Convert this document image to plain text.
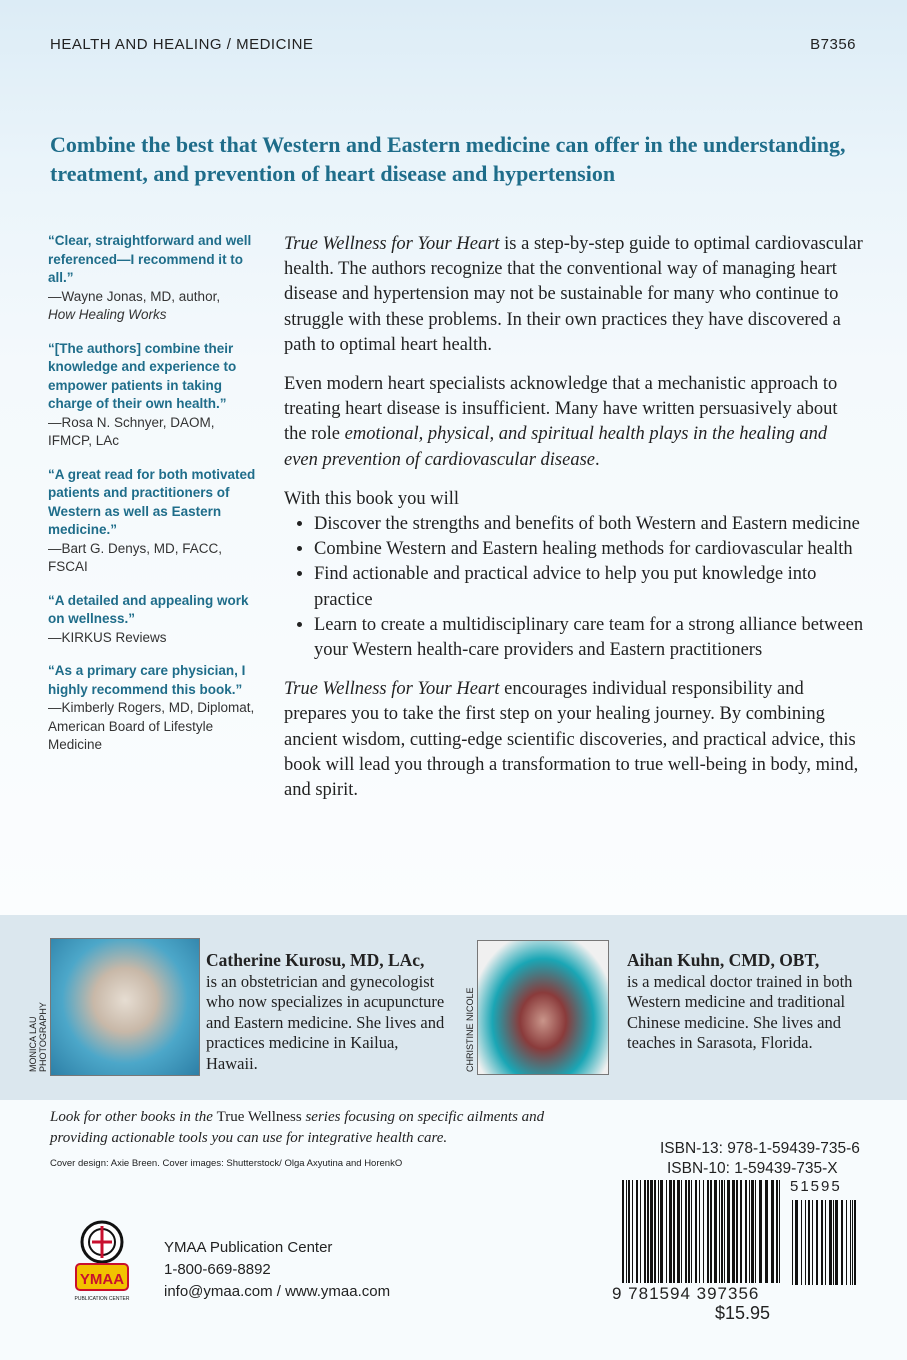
HEALTH AND HEALING / MEDICINE	B7356
Combine the best that Western and Eastern medicine can offer in the understanding, treatment, and prevention of heart disease and hypertension
“Clear, straightforward and well referenced—I recommend it to all.”
—Wayne Jonas, MD, author,
How Healing Works
“[The authors] combine their knowledge and experience to empower patients in taking charge of their own health.”
—Rosa N. Schnyer, DAOM, IFMCP, LAc
“A great read for both motivated patients and practitioners of Western as well as Eastern medicine.”
—Bart G. Denys, MD, FACC, FSCAI
“A detailed and appealing work on wellness.”
—KIRKUS Reviews
“As a primary care physician, I highly recommend this book.”
—Kimberly Rogers, MD, Diplomat, American Board of Lifestyle Medicine

True Wellness for Your Heart is a step-by-step guide to optimal cardiovascular health. The authors recognize that the conventional way of managing heart disease and hypertension may not be sustainable for many who continue to struggle with these problems. In their own practices they have discovered a path to optimal heart health.

Even modern heart specialists acknowledge that a mechanistic approach to treating heart disease is insufficient. Many have written persuasively about the role emotional, physical, and spiritual health plays in the healing and even prevention of cardiovascular disease.

With this book you will
• Discover the strengths and benefits of both Western and Eastern medicine
• Combine Western and Eastern healing methods for cardiovascular health
• Find actionable and practical advice to help you put knowledge into practice
• Learn to create a multidisciplinary care team for a strong alliance between your Western health-care providers and Eastern practitioners

True Wellness for Your Heart encourages individual responsibility and prepares you to take the first step on your healing journey. By combining ancient wisdom, cutting-edge scientific discoveries, and practical advice, this book will lead you through a transformation to true well-being in body, mind, and spirit.

MONICA LAU PHOTOGRAPHY
Catherine Kurosu, MD, LAc,
is an obstetrician and gynecologist who now specializes in acupuncture and Eastern medicine. She lives and practices medicine in Kailua, Hawaii.	CHRISTINE NICOLE
Aihan Kuhn, CMD, OBT,
is a medical doctor trained in both Western medicine and traditional Chinese medicine. She lives and teaches in Sarasota, Florida.
Look for other books in the True Wellness series focusing on specific ailments and providing actionable tools you can use for integrative health care.
Cover design: Axie Breen. Cover images: Shutterstock/ Olga Axyutina and HorenkO
YMAA
PUBLICATION CENTER
YMAA Publication Center
1-800-669-8892
info@ymaa.com / www.ymaa.com
ISBN-13: 978-1-59439-735-6
ISBN-10: 1-59439-735-X
51595
9 781594 397356
$15.95
